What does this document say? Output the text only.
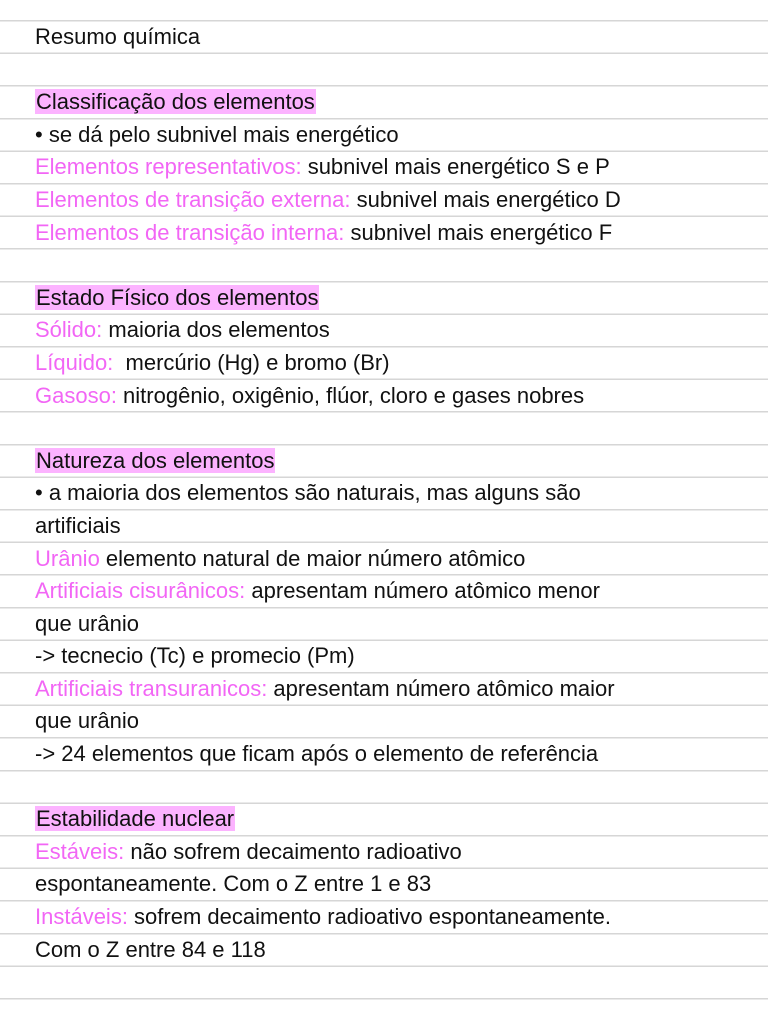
Resumo química
Classificação dos elementos
• se dá pelo subnivel mais energético
Elementos representativos: subnivel mais energético S e P
Elementos de transição externa: subnivel mais energético D
Elementos de transição interna: subnivel mais energético F
Estado Físico dos elementos
Sólido: maioria dos elementos
Líquido:  mercúrio (Hg) e bromo (Br)
Gasoso: nitrogênio, oxigênio, flúor, cloro e gases nobres
Natureza dos elementos
• a maioria dos elementos são naturais, mas alguns são
artificiais
Urânio elemento natural de maior número atômico
Artificiais cisurânicos: apresentam número atômico menor
que urânio
-> tecnecio (Tc) e promecio (Pm)
Artificiais transuranicos: apresentam número atômico maior
que urânio
-> 24 elementos que ficam após o elemento de referência
Estabilidade nuclear
Estáveis: não sofrem decaimento radioativo
espontaneamente. Com o Z entre 1 e 83
Instáveis: sofrem decaimento radioativo espontaneamente.
Com o Z entre 84 e 118
